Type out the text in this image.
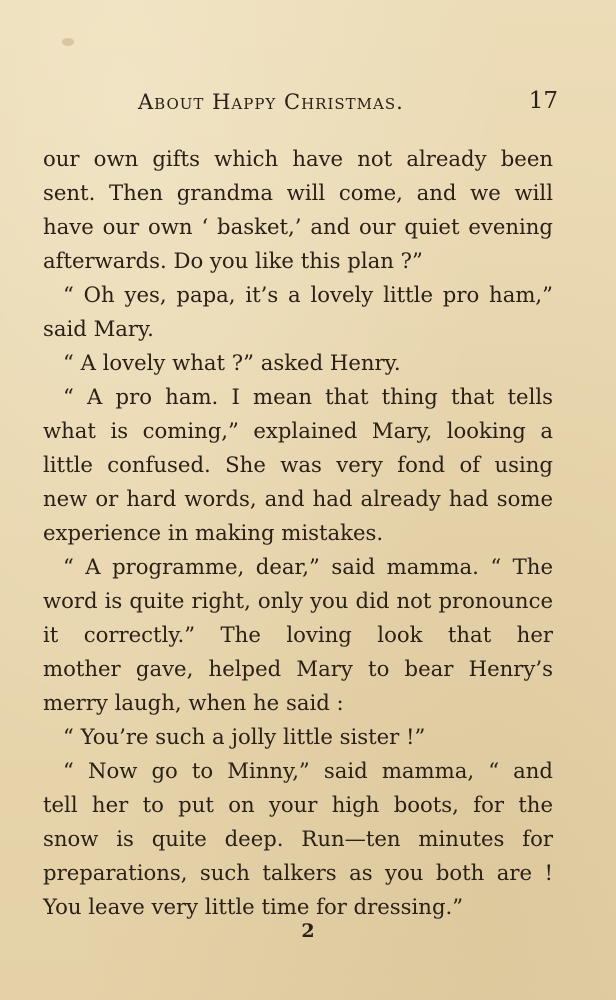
About Happy Christmas.	17
our own gifts which have not already been
sent. Then grandma will come, and we will
have our own ‘ basket,’ and our quiet evening
afterwards. Do you like this plan ?”
“ Oh yes, papa, it’s a lovely little pro ham,”
said Mary.
“ A lovely what ?” asked Henry.
“ A pro ham. I mean that thing that tells
what is coming,” explained Mary, looking a
little confused. She was very fond of using
new or hard words, and had already had some
experience in making mistakes.
“ A programme, dear,” said mamma. “ The
word is quite right, only you did not pronounce
it correctly.” The loving look that her
mother gave, helped Mary to bear Henry’s
merry laugh, when he said :
“ You’re such a jolly little sister !”
“ Now go to Minny,” said mamma, “ and
tell her to put on your high boots, for the
snow is quite deep. Run—ten minutes for
preparations, such talkers as you both are !
You leave very little time for dressing.”
2
